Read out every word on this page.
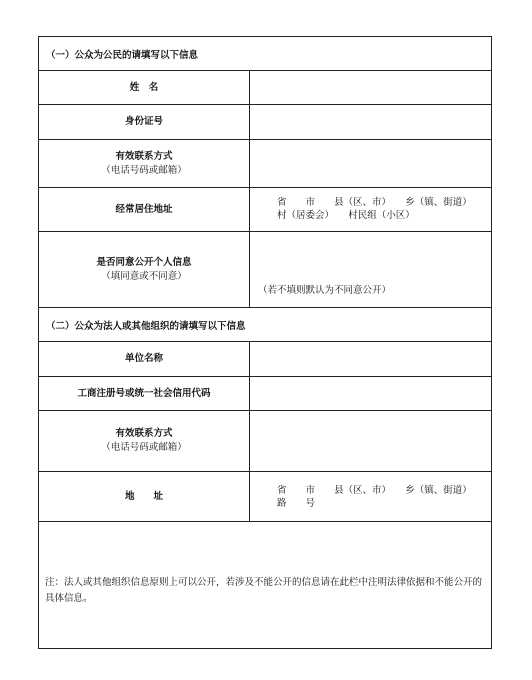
（一）公众为公民的请填写以下信息
姓　名
身份证号
有效联系方式
（电话号码或邮箱）
经常居住地址
省　　市　　县（区、市）　　乡（镇、街道）
村（居委会）　　村民组（小区）
是否同意公开个人信息
（填同意或不同意）
（若不填则默认为不同意公开）
（二）公众为法人或其他组织的请填写以下信息
单位名称
工商注册号或统一社会信用代码
有效联系方式
（电话号码或邮箱）
地　　址	省　　市　　县（区、市）　　乡（镇、街道）
路　　号
注：法人或其他组织信息原则上可以公开，若涉及不能公开的信息请在此栏中注明法律依据和不能公开的具体信息。
